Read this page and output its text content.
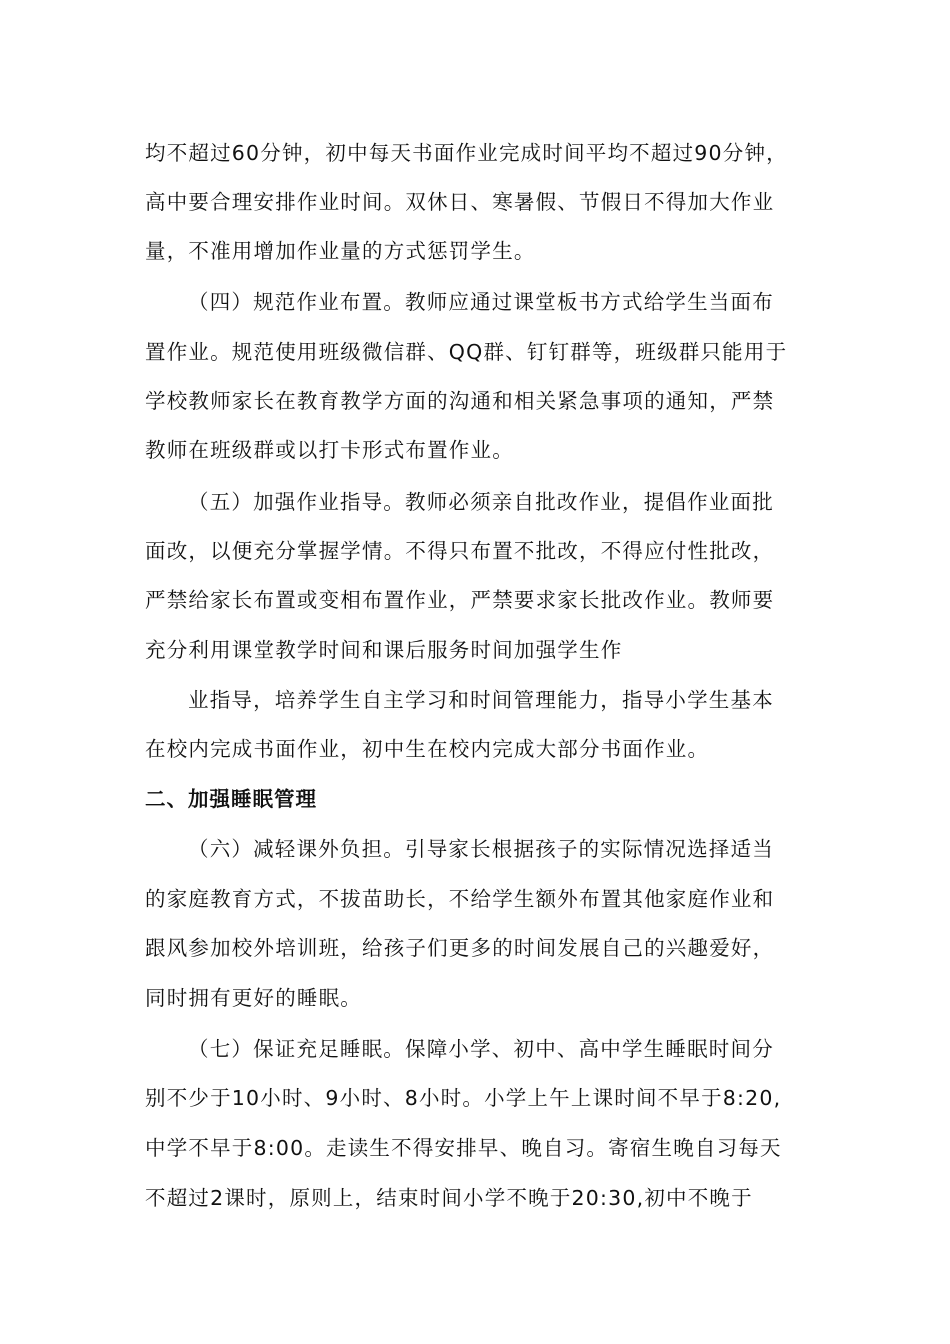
均不超过60分钟，初中每天书面作业完成时间平均不超过90分钟，
高中要合理安排作业时间。双休日、寒暑假、节假日不得加大作业
量，不准用增加作业量的方式惩罚学生。
（四）规范作业布置。教师应通过课堂板书方式给学生当面布
置作业。规范使用班级微信群、QQ群、钉钉群等，班级群只能用于
学校教师家长在教育教学方面的沟通和相关紧急事项的通知，严禁
教师在班级群或以打卡形式布置作业。
（五）加强作业指导。教师必须亲自批改作业，提倡作业面批
面改，以便充分掌握学情。不得只布置不批改，不得应付性批改，
严禁给家长布置或变相布置作业，严禁要求家长批改作业。教师要
充分利用课堂教学时间和课后服务时间加强学生作
业指导，培养学生自主学习和时间管理能力，指导小学生基本
在校内完成书面作业，初中生在校内完成大部分书面作业。
二、加强睡眠管理
（六）减轻课外负担。引导家长根据孩子的实际情况选择适当
的家庭教育方式，不拔苗助长，不给学生额外布置其他家庭作业和
跟风参加校外培训班，给孩子们更多的时间发展自己的兴趣爱好，
同时拥有更好的睡眠。
（七）保证充足睡眠。保障小学、初中、高中学生睡眠时间分
别不少于10小时、9小时、8小时。小学上午上课时间不早于8:20,
中学不早于8:00。走读生不得安排早、晚自习。寄宿生晚自习每天
不超过2课时，原则上，结束时间小学不晚于20:30,初中不晚于
